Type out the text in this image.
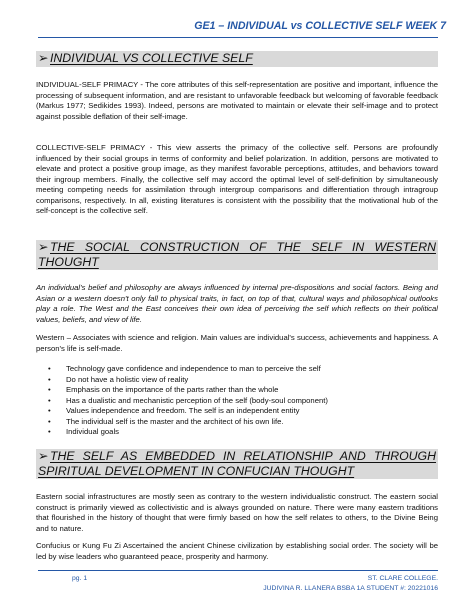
GE1 – INDIVIDUAL vs COLLECTIVE SELF WEEK 7
➢ INDIVIDUAL VS COLLECTIVE SELF
INDIVIDUAL-SELF PRIMACY - The core attributes of this self-representation are positive and important, influence the processing of subsequent information, and are resistant to unfavorable feedback but welcoming of favorable feedback (Markus 1977; Sedikides 1993). Indeed, persons are motivated to maintain or elevate their self-image and to protect against possible deflation of their self-image.
COLLECTIVE-SELF PRIMACY - This view asserts the primacy of the collective self. Persons are profoundly influenced by their social groups in terms of conformity and belief polarization. In addition, persons are motivated to elevate and protect a positive group image, as they manifest favorable perceptions, attitudes, and behaviors toward their ingroup members. Finally, the collective self may accord the optimal level of self-definition by simultaneously meeting competing needs for assimilation through intergroup comparisons and differentiation through intragroup comparisons, respectively. In all, existing literatures is consistent with the possibility that the motivational hub of the self-concept is the collective self.
➢ THE SOCIAL CONSTRUCTION OF THE SELF IN WESTERN THOUGHT
An individual's belief and philosophy are always influenced by internal pre-dispositions and social factors. Being and Asian or a western doesn't only fall to physical traits, in fact, on top of that, cultural ways and philosophical outlooks play a role. The West and the East conceives their own idea of perceiving the self which reflects on their political values, beliefs, and view of life.
Western – Associates with science and religion. Main values are individual's success, achievements and happiness. A person's life is self-made.
• Technology gave confidence and independence to man to perceive the self
• Do not have a holistic view of reality
• Emphasis on the importance of the parts rather than the whole
• Has a dualistic and mechanistic perception of the self (body-soul component)
• Values independence and freedom. The self is an independent entity
• The individual self is the master and the architect of his own life.
• Individual goals
➢ THE SELF AS EMBEDDED IN RELATIONSHIP AND THROUGH SPIRITUAL DEVELOPMENT IN CONFUCIAN THOUGHT
Eastern social infrastructures are mostly seen as contrary to the western individualistic construct. The eastern social construct is primarily viewed as collectivistic and is always grounded on nature. There were many eastern traditions that flourished in the history of thought that were firmly based on how the self relates to others, to the Divine Being and to nature.
Confucius or Kung Fu Zi Ascertained the ancient Chinese civilization by establishing social order. The society will be led by wise leaders who guaranteed peace, prosperity and harmony.
pg. 1	ST. CLARE COLLEGE.
JUDIVINA R. LLANERA BSBA 1A STUDENT #: 20221016
